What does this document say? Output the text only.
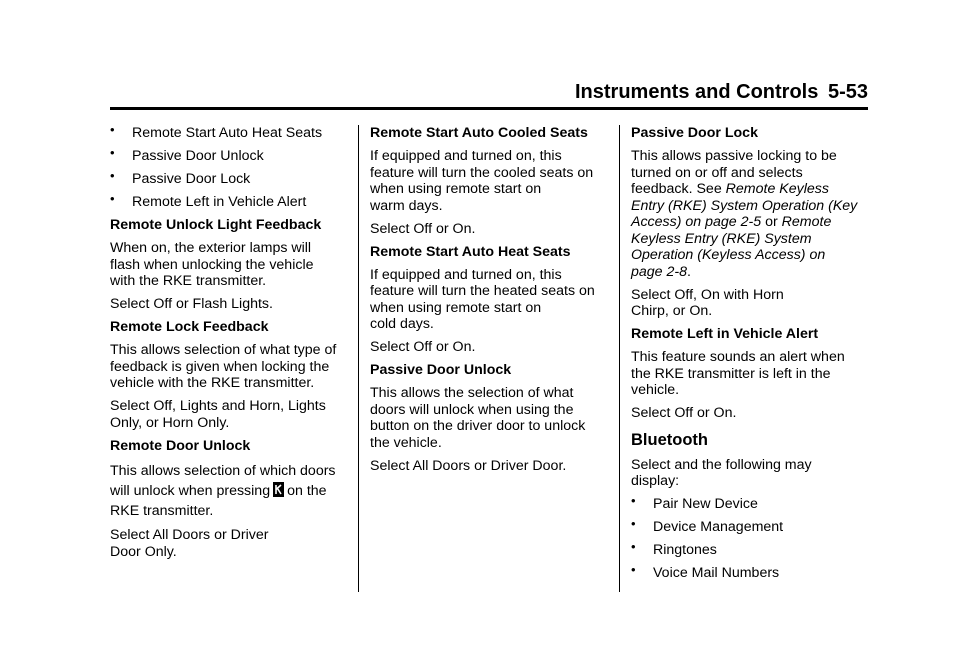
Instruments and Controls 5-53
• Remote Start Auto Heat Seats
• Passive Door Unlock
• Passive Door Lock
• Remote Left in Vehicle Alert

Remote Unlock Light Feedback

When on, the exterior lamps will
flash when unlocking the vehicle
with the RKE transmitter.

Select Off or Flash Lights.

Remote Lock Feedback

This allows selection of what type of
feedback is given when locking the
vehicle with the RKE transmitter.

Select Off, Lights and Horn, Lights
Only, or Horn Only.

Remote Door Unlock

This allows selection of which doors
will unlock when pressing on the
RKE transmitter.

Select All Doors or Driver
Door Only.

Remote Start Auto Cooled Seats

If equipped and turned on, this
feature will turn the cooled seats on
when using remote start on
warm days.

Select Off or On.

Remote Start Auto Heat Seats

If equipped and turned on, this
feature will turn the heated seats on
when using remote start on
cold days.

Select Off or On.

Passive Door Unlock

This allows the selection of what
doors will unlock when using the
button on the driver door to unlock
the vehicle.

Select All Doors or Driver Door.

Passive Door Lock

This allows passive locking to be
turned on or off and selects
feedback. See Remote Keyless
Entry (RKE) System Operation (Key
Access) on page 2-5 or Remote
Keyless Entry (RKE) System
Operation (Keyless Access) on
page 2-8.

Select Off, On with Horn
Chirp, or On.

Remote Left in Vehicle Alert

This feature sounds an alert when
the RKE transmitter is left in the
vehicle.

Select Off or On.

Bluetooth

Select and the following may
display:

• Pair New Device
• Device Management
• Ringtones
• Voice Mail Numbers
